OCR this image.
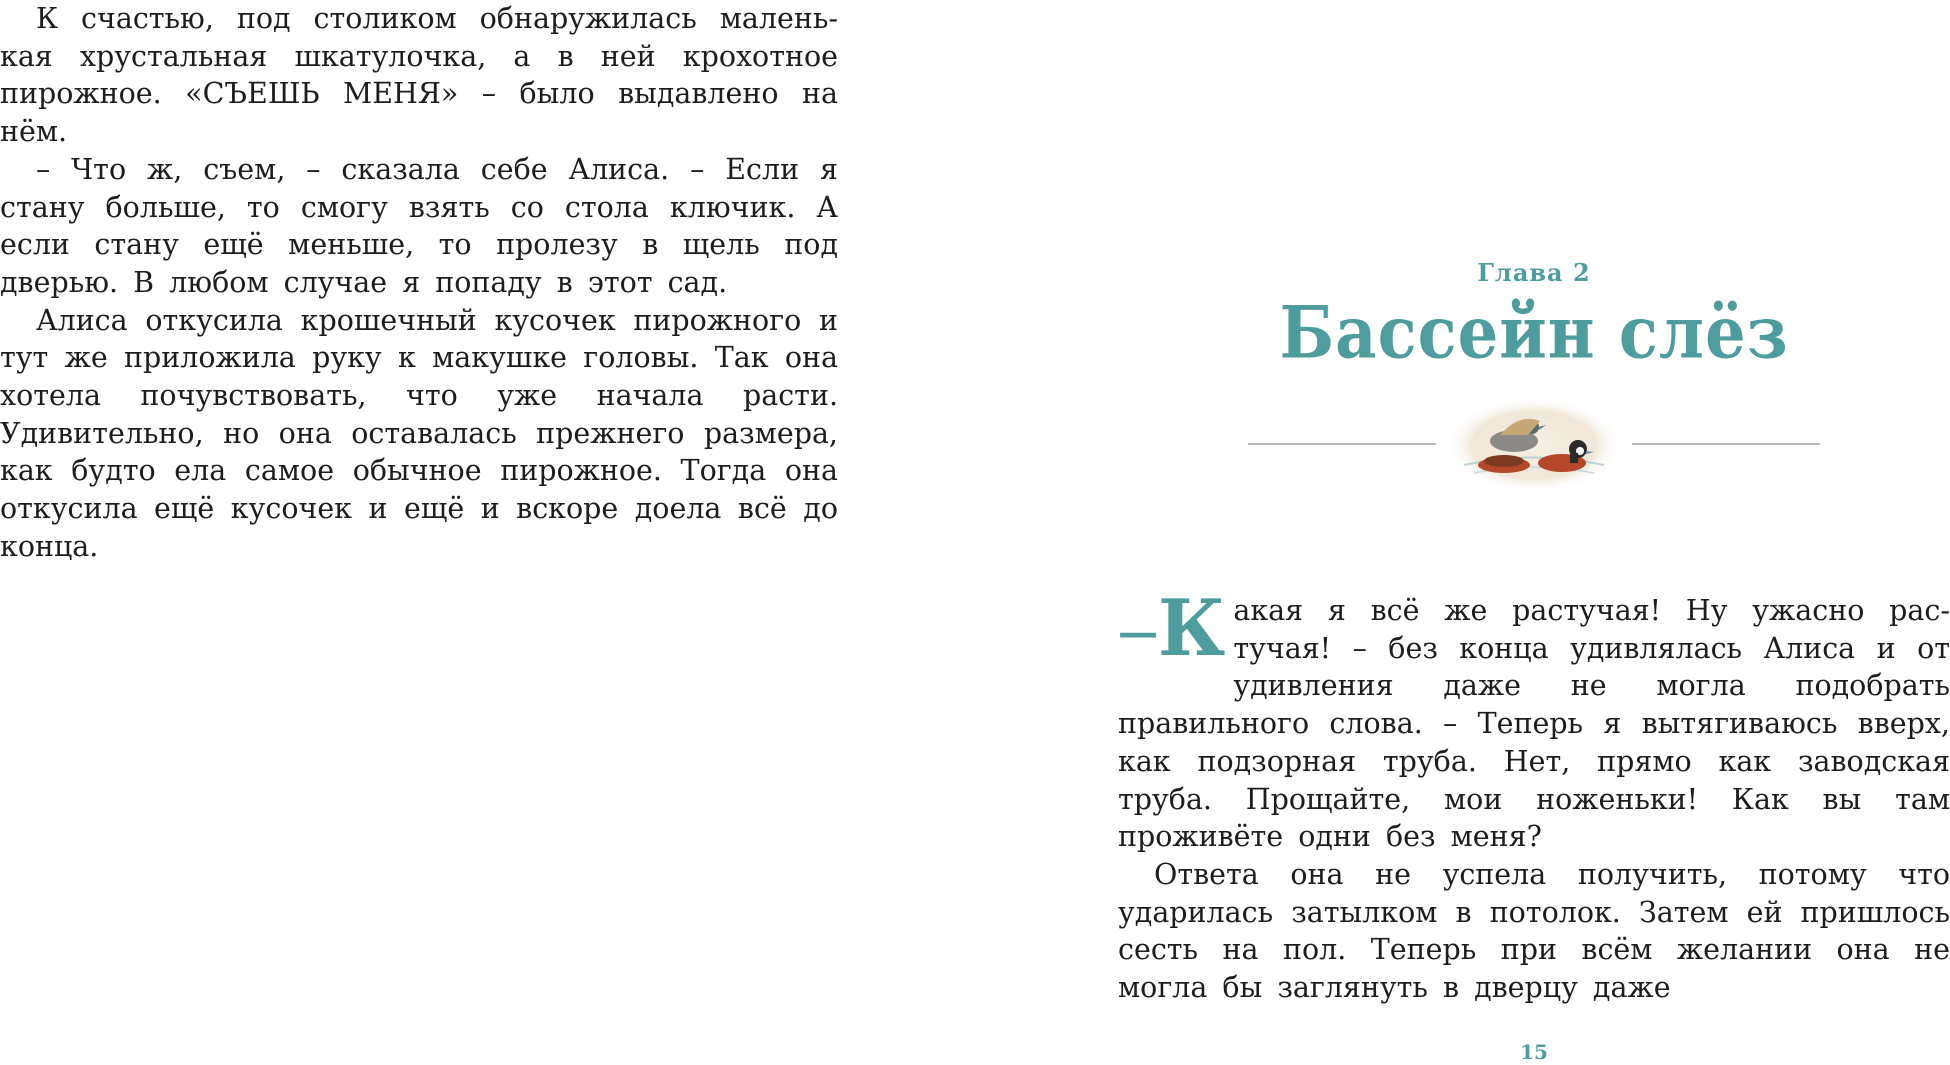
К счастью, под столиком обнаружилась маленькая хрустальная шкатулочка, а в ней крохотное пирожное. «СЪЕШЬ МЕНЯ» – было выдавлено на нём.

– Что ж, съем, – сказала себе Алиса. – Если я стану больше, то смогу взять со стола ключик. А если стану ещё меньше, то пролезу в щель под дверью. В любом случае я попаду в этот сад.

Алиса откусила крошечный кусочек пирожного и тут же приложила руку к макушке головы. Так она хотела почувствовать, что уже начала расти. Удивительно, но она оставалась прежнего размера, как будто ела самое обычное пирожное. Тогда она откусила ещё кусочек и ещё и вскоре доела всё до конца.

Глава 2
Бассейн слёз

—К акая я всё же растучая! Ну ужасно растучая! – без конца удивлялась Алиса и от удивления даже не могла подобрать правильного слова. – Теперь я вытягиваюсь вверх, как подзорная труба. Нет, прямо как заводская труба. Прощайте, мои ноженьки! Как вы там проживёте одни без меня?

Ответа она не успела получить, потому что ударилась затылком в потолок. Затем ей пришлось сесть на пол. Теперь при всём желании она не могла бы заглянуть в дверцу даже

15
